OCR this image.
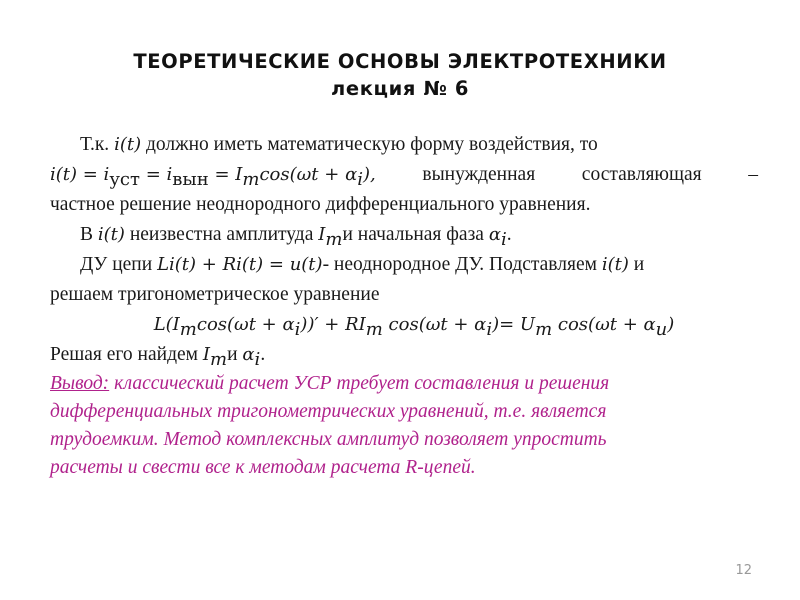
ТЕОРЕТИЧЕСКИЕ ОСНОВЫ ЭЛЕКТРОТЕХНИКИ
лекция № 6
Т.к. i(t) должно иметь математическую форму воздействия, то
$i(t) = i_{уст} = i_{вын} = I_m\cos(\omega t + \alpha_i)$, вынужденная составляющая –
частное решение неоднородного дифференциального уравнения.
В i(t) неизвестна амплитуда $I_mи$ начальная фаза $\alpha_i$.
ДУ цепи Li(t) + Ri(t) = u(t)- неоднородное ДУ. Подставляем i(t) и
решаем тригонометрическое уравнение
$L(I_m\cos(\omega t + \alpha_i))' + RI_m$ $\cos(\omega t + \alpha_i)= U_m$ $\cos(\omega t + \alpha_u)$
Решая его найдем $I_mи$ $\alpha_i$.
Вывод: классический расчет УСР требует составления и решения
дифференциальных тригонометрических уравнений, т.е. является
трудоемким. Метод комплексных амплитуд позволяет упростить
расчеты и свести все к методам расчета R-цепей.
12
